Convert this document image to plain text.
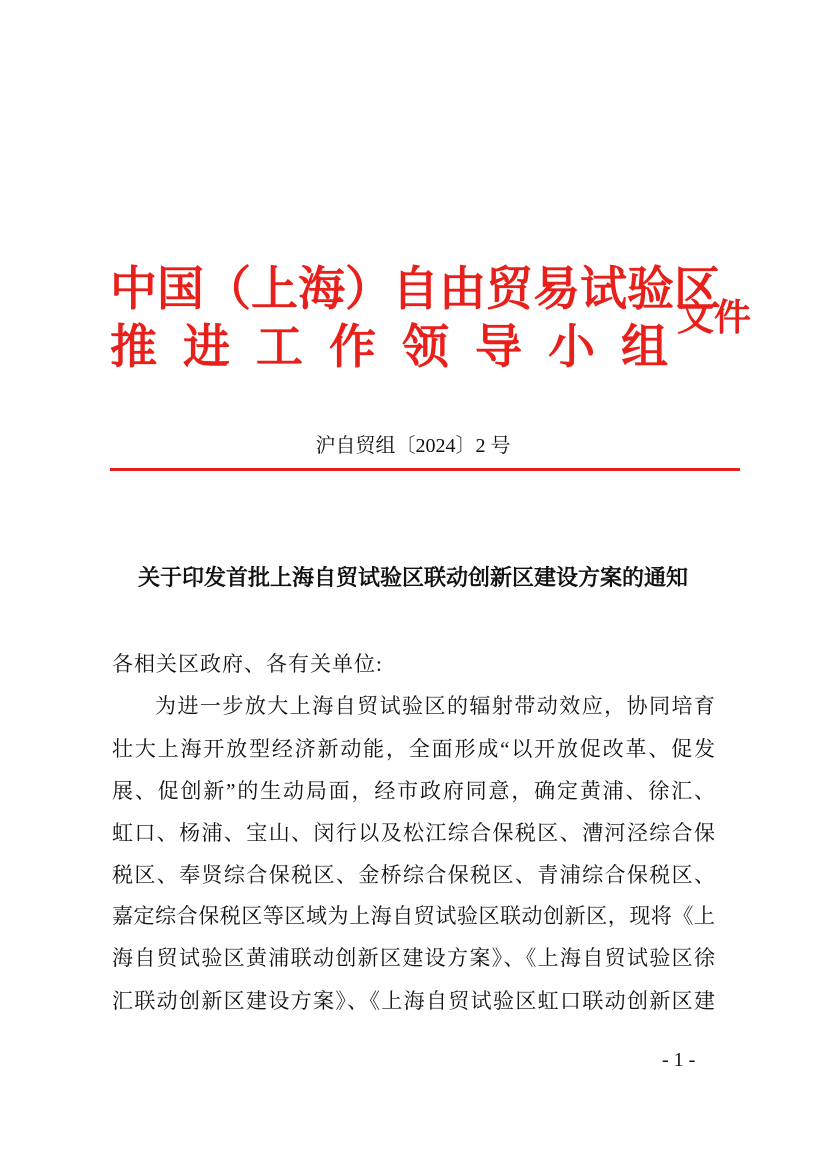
中国（上海）自由贸易试验区
推 进 工 作 领 导 小 组
文件
沪自贸组〔2024〕2 号
关于印发首批上海自贸试验区联动创新区建设方案的通知
各相关区政府、各有关单位:
为进一步放大上海自贸试验区的辐射带动效应，协同培育
壮大上海开放型经济新动能，全面形成“以开放促改革、促发
展、促创新”的生动局面，经市政府同意，确定黄浦、徐汇、
虹口、杨浦、宝山、闵行以及松江综合保税区、漕河泾综合保
税区、奉贤综合保税区、金桥综合保税区、青浦综合保税区、
嘉定综合保税区等区域为上海自贸试验区联动创新区，现将《上
海自贸试验区黄浦联动创新区建设方案》、《上海自贸试验区徐
汇联动创新区建设方案》、《上海自贸试验区虹口联动创新区建
- 1 -
